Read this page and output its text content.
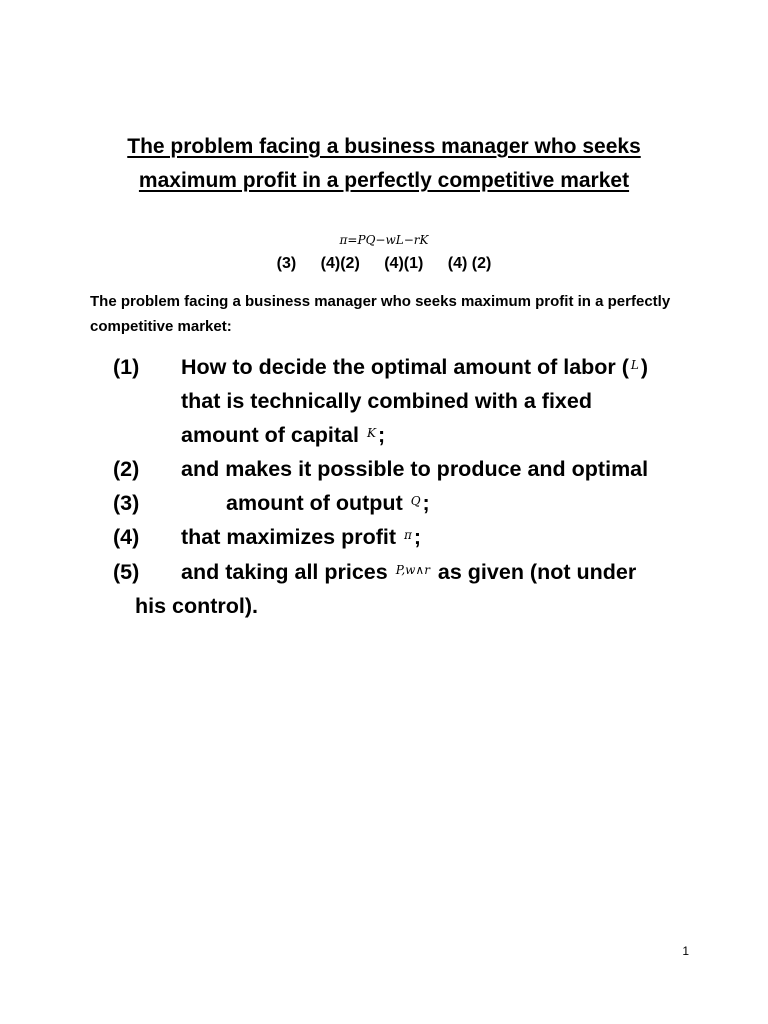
The problem facing a business manager who seeks
maximum profit in a perfectly competitive market
π=PQ−wL−rK
(3) (4)(2) (4)(1) (4) (2)
The problem facing a business manager who seeks maximum profit in a perfectly competitive market:
(1) How to decide the optimal amount of labor ( $^L$)
that is technically combined with a fixed
amount of capital $^K$;
(2) and makes it possible to produce and optimal
(3)	amount of output $^Q$;
(4) that maximizes profit $^\pi$;
(5) and taking all prices $^{P,w\wedge r}$ as given (not under
his control).
1
